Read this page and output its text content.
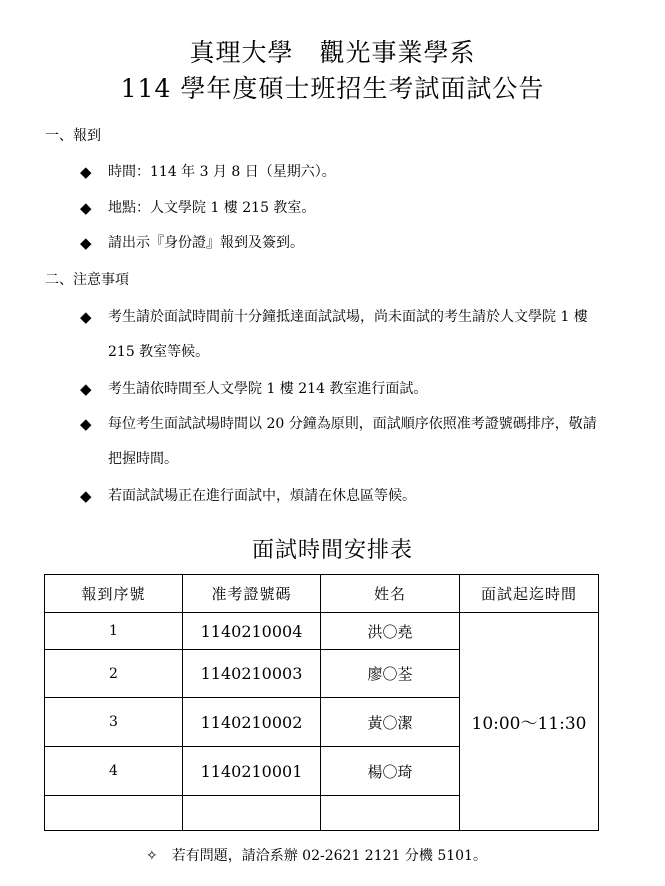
真理大學　觀光事業學系
114 學年度碩士班招生考試面試公告
一、報到
◆ 時間：114 年 3 月 8 日（星期六）。
◆ 地點：人文學院 1 樓 215 教室。
◆ 請出示『身份證』報到及簽到。
二、注意事項
◆ 考生請於面試時間前十分鐘抵達面試試場，尚未面試的考生請於人文學院 1 樓 215 教室等候。
◆ 考生請依時間至人文學院 1 樓 214 教室進行面試。
◆ 每位考生面試試場時間以 20 分鐘為原則，面試順序依照准考證號碼排序，敬請把握時間。
◆ 若面試試場正在進行面試中，煩請在休息區等候。
面試時間安排表
報到序號	准考證號碼	姓名	面試起迄時間
1	1140210004	洪〇堯	10:00～11:30
2	1140210003	廖〇荃	
3	1140210002	黃〇潔	
4	1140210001	楊〇琦	

✧ 若有問題，請洽系辦 02-2621 2121 分機 5101。
